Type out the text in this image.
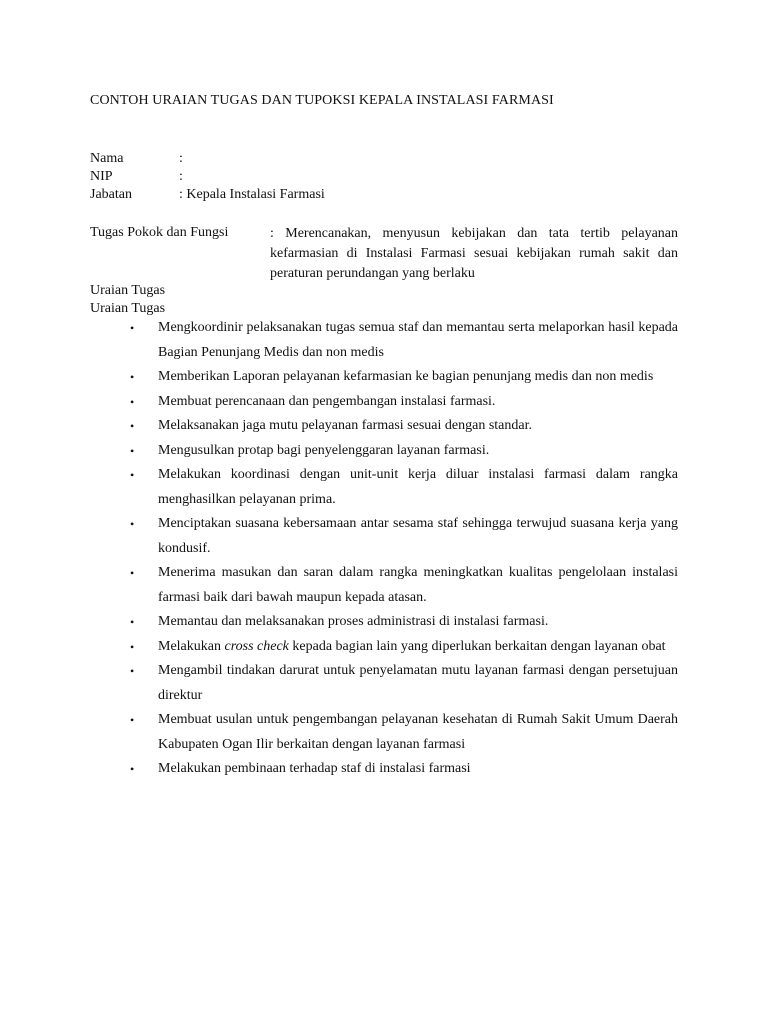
CONTOH URAIAN TUGAS DAN TUPOKSI KEPALA INSTALASI FARMASI
Nama	:
NIP	:
Jabatan	: Kepala Instalasi Farmasi
Tugas Pokok dan Fungsi	: Merencanakan, menyusun kebijakan dan tata tertib pelayanan
kefarmasian di Instalasi Farmasi sesuai kebijakan rumah sakit dan
peraturan perundangan yang berlaku
Uraian Tugas
Uraian Tugas
• Mengkoordinir pelaksanakan tugas semua staf dan memantau serta melaporkan hasil kepada
Bagian Penunjang Medis dan non medis
• Memberikan Laporan pelayanan kefarmasian ke bagian penunjang medis dan non medis
• Membuat perencanaan dan pengembangan instalasi farmasi.
• Melaksanakan jaga mutu pelayanan farmasi sesuai dengan standar.
• Mengusulkan protap bagi penyelenggaran layanan farmasi.
• Melakukan koordinasi dengan unit-unit kerja diluar instalasi farmasi dalam rangka
menghasilkan pelayanan prima.
• Menciptakan suasana kebersamaan antar sesama staf sehingga terwujud suasana kerja yang
kondusif.
• Menerima masukan dan saran dalam rangka meningkatkan kualitas pengelolaan instalasi
farmasi baik dari bawah maupun kepada atasan.
• Memantau dan melaksanakan proses administrasi di instalasi farmasi.
• Melakukan cross check kepada bagian lain yang diperlukan berkaitan dengan layanan obat
• Mengambil tindakan darurat untuk penyelamatan mutu layanan farmasi dengan persetujuan
direktur
• Membuat usulan untuk pengembangan pelayanan kesehatan di Rumah Sakit Umum Daerah
Kabupaten Ogan Ilir berkaitan dengan layanan farmasi
• Melakukan pembinaan terhadap staf di instalasi farmasi
